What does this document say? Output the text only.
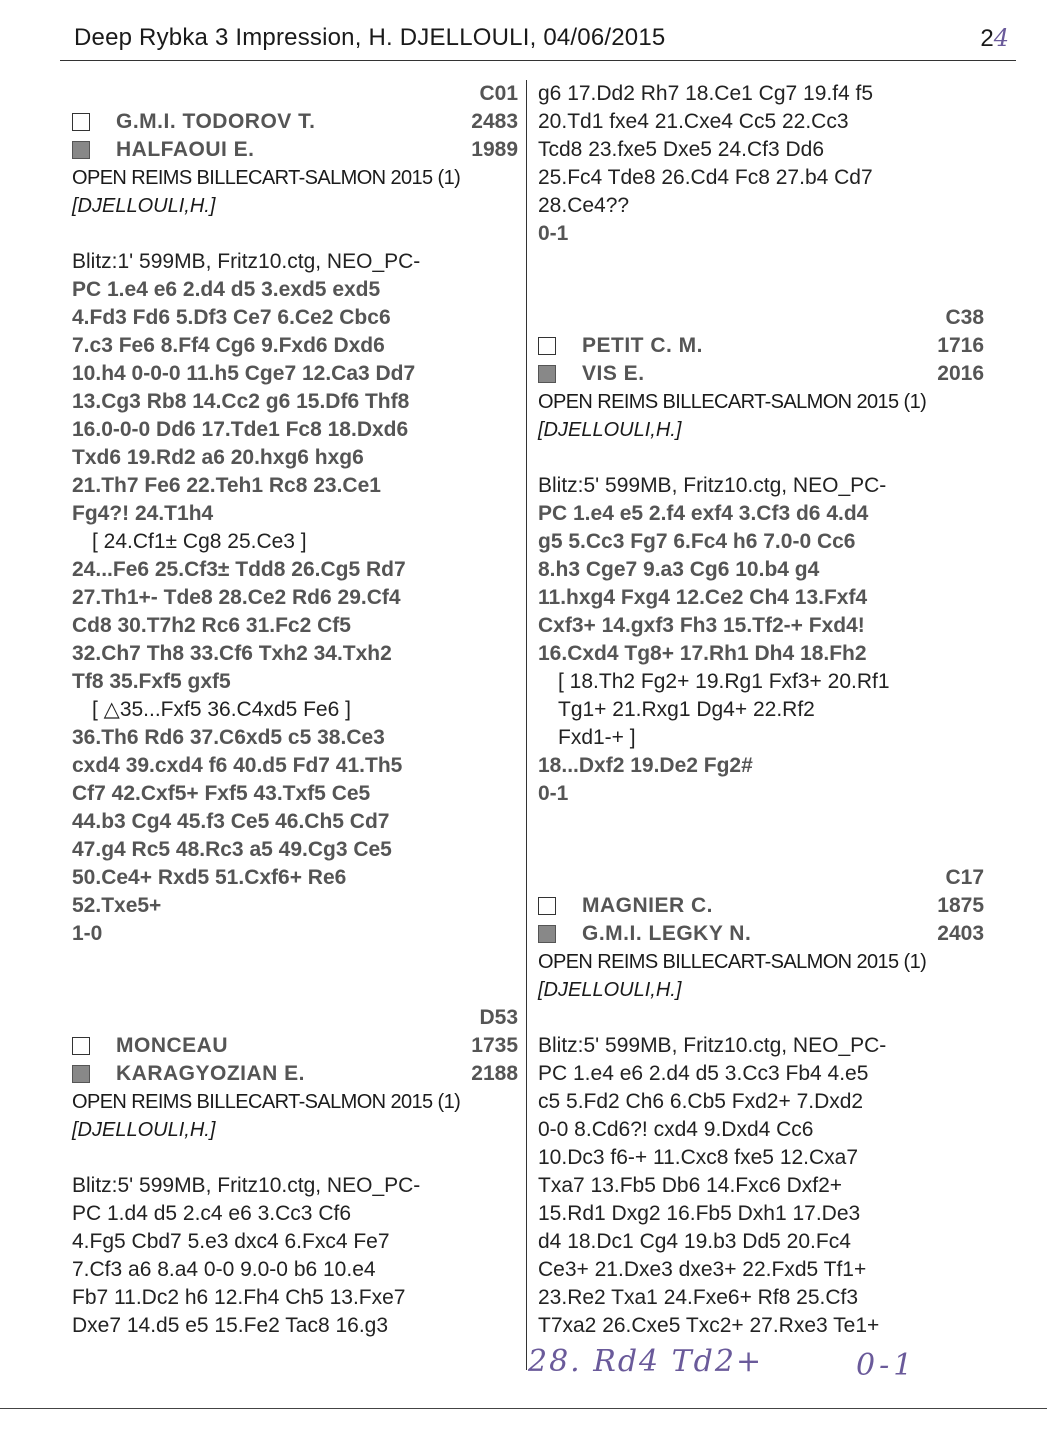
Deep Rybka 3 Impression, H. DJELLOULI, 04/06/2015	24
C01
G.M.I. TODOROV T.	2483
HALFAOUI E.	1989
OPEN REIMS BILLECART-SALMON 2015 (1)
[DJELLOULI,H.]
Blitz:1' 599MB, Fritz10.ctg, NEO_PC-
PC 1.e4 e6 2.d4 d5 3.exd5 exd5
4.Fd3 Fd6 5.Df3 Ce7 6.Ce2 Cbc6
7.c3 Fe6 8.Ff4 Cg6 9.Fxd6 Dxd6
10.h4 0-0-0 11.h5 Cge7 12.Ca3 Dd7
13.Cg3 Rb8 14.Cc2 g6 15.Df6 Thf8
16.0-0-0 Dd6 17.Tde1 Fc8 18.Dxd6
Txd6 19.Rd2 a6 20.hxg6 hxg6
21.Th7 Fe6 22.Teh1 Rc8 23.Ce1
Fg4?! 24.T1h4
[ 24.Cf1± Cg8 25.Ce3 ]
24...Fe6 25.Cf3± Tdd8 26.Cg5 Rd7
27.Th1+- Tde8 28.Ce2 Rd6 29.Cf4
Cd8 30.T7h2 Rc6 31.Fc2 Cf5
32.Ch7 Th8 33.Cf6 Txh2 34.Txh2
Tf8 35.Fxf5 gxf5
[ △35...Fxf5 36.C4xd5 Fe6 ]
36.Th6 Rd6 37.C6xd5 c5 38.Ce3
cxd4 39.cxd4 f6 40.d5 Fd7 41.Th5
Cf7 42.Cxf5+ Fxf5 43.Txf5 Ce5
44.b3 Cg4 45.f3 Ce5 46.Ch5 Cd7
47.g4 Rc5 48.Rc3 a5 49.Cg3 Ce5
50.Ce4+ Rxd5 51.Cxf6+ Re6
52.Txe5+
1-0
D53
MONCEAU	1735
KARAGYOZIAN E.	2188
OPEN REIMS BILLECART-SALMON 2015 (1)
[DJELLOULI,H.]
Blitz:5' 599MB, Fritz10.ctg, NEO_PC-
PC 1.d4 d5 2.c4 e6 3.Cc3 Cf6
4.Fg5 Cbd7 5.e3 dxc4 6.Fxc4 Fe7
7.Cf3 a6 8.a4 0-0 9.0-0 b6 10.e4
Fb7 11.Dc2 h6 12.Fh4 Ch5 13.Fxe7
Dxe7 14.d5 e5 15.Fe2 Tac8 16.g3
g6 17.Dd2 Rh7 18.Ce1 Cg7 19.f4 f5
20.Td1 fxe4 21.Cxe4 Cc5 22.Cc3
Tcd8 23.fxe5 Dxe5 24.Cf3 Dd6
25.Fc4 Tde8 26.Cd4 Fc8 27.b4 Cd7
28.Ce4??
0-1
C38
PETIT C. M.	1716
VIS E.	2016
OPEN REIMS BILLECART-SALMON 2015 (1)
[DJELLOULI,H.]
Blitz:5' 599MB, Fritz10.ctg, NEO_PC-
PC 1.e4 e5 2.f4 exf4 3.Cf3 d6 4.d4
g5 5.Cc3 Fg7 6.Fc4 h6 7.0-0 Cc6
8.h3 Cge7 9.a3 Cg6 10.b4 g4
11.hxg4 Fxg4 12.Ce2 Ch4 13.Fxf4
Cxf3+ 14.gxf3 Fh3 15.Tf2-+ Fxd4!
16.Cxd4 Tg8+ 17.Rh1 Dh4 18.Fh2
[ 18.Th2 Fg2+ 19.Rg1 Fxf3+ 20.Rf1
Tg1+ 21.Rxg1 Dg4+ 22.Rf2
Fxd1-+ ]
18...Dxf2 19.De2 Fg2#
0-1
C17
MAGNIER C.	1875
G.M.I. LEGKY N.	2403
OPEN REIMS BILLECART-SALMON 2015 (1)
[DJELLOULI,H.]
Blitz:5' 599MB, Fritz10.ctg, NEO_PC-
PC 1.e4 e6 2.d4 d5 3.Cc3 Fb4 4.e5
c5 5.Fd2 Ch6 6.Cb5 Fxd2+ 7.Dxd2
0-0 8.Cd6?! cxd4 9.Dxd4 Cc6
10.Dc3 f6-+ 11.Cxc8 fxe5 12.Cxa7
Txa7 13.Fb5 Db6 14.Fxc6 Dxf2+
15.Rd1 Dxg2 16.Fb5 Dxh1 17.De3
d4 18.Dc1 Cg4 19.b3 Dd5 20.Fc4
Ce3+ 21.Dxe3 dxe3+ 22.Fxd5 Tf1+
23.Re2 Txa1 24.Fxe6+ Rf8 25.Cf3
T7xa2 26.Cxe5 Txc2+ 27.Rxe3 Te1+
28. Rd4 Td2+	0-1
